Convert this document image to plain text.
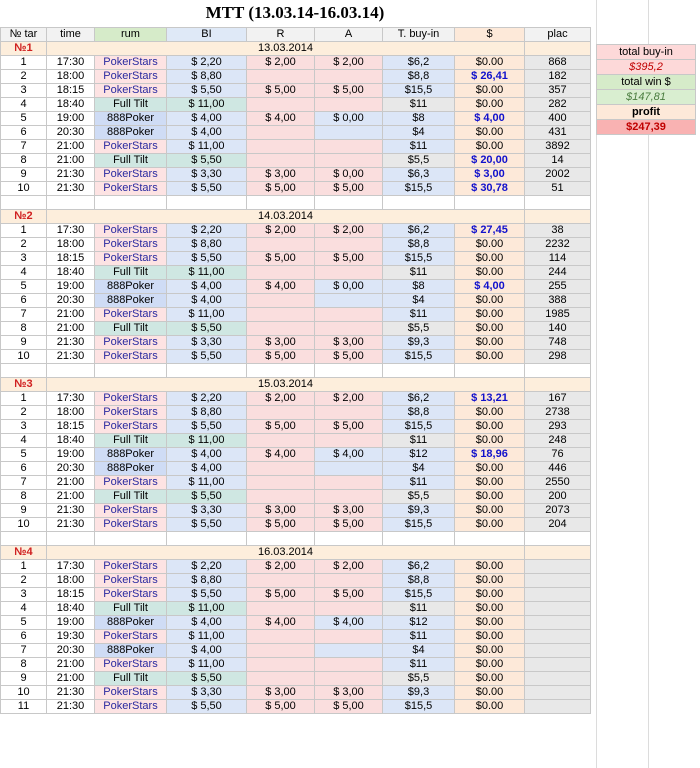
MTT (13.03.14-16.03.14)
№ tar	time	rum	BI	R	A	T. buy-in	$	plac
№1	13.03.2014							
1	17:30	PokerStars	$ 2,20	$ 2,00	$ 2,00	$6,2	$0.00	868
2	18:00	PokerStars	$ 8,80			$8,8	$ 26,41	182
3	18:15	PokerStars	$ 5,50	$ 5,00	$ 5,00	$15,5	$0.00	357
4	18:40	Full Tilt	$ 11,00			$11	$0.00	282
5	19:00	888Poker	$ 4,00	$ 4,00	$ 0,00	$8	$ 4,00	400
6	20:30	888Poker	$ 4,00			$4	$0.00	431
7	21:00	PokerStars	$ 11,00			$11	$0.00	3892
8	21:00	Full Tilt	$ 5,50			$5,5	$ 20,00	14
9	21:30	PokerStars	$ 3,30	$ 3,00	$ 0,00	$6,3	$ 3,00	2002
10	21:30	PokerStars	$ 5,50	$ 5,00	$ 5,00	$15,5	$ 30,78	51

№2	14.03.2014							
1	17:30	PokerStars	$ 2,20	$ 2,00	$ 2,00	$6,2	$ 27,45	38
2	18:00	PokerStars	$ 8,80			$8,8	$0.00	2232
3	18:15	PokerStars	$ 5,50	$ 5,00	$ 5,00	$15,5	$0.00	114
4	18:40	Full Tilt	$ 11,00			$11	$0.00	244
5	19:00	888Poker	$ 4,00	$ 4,00	$ 0,00	$8	$ 4,00	255
6	20:30	888Poker	$ 4,00			$4	$0.00	388
7	21:00	PokerStars	$ 11,00			$11	$0.00	1985
8	21:00	Full Tilt	$ 5,50			$5,5	$0.00	140
9	21:30	PokerStars	$ 3,30	$ 3,00	$ 3,00	$9,3	$0.00	748
10	21:30	PokerStars	$ 5,50	$ 5,00	$ 5,00	$15,5	$0.00	298

№3	15.03.2014							
1	17:30	PokerStars	$ 2,20	$ 2,00	$ 2,00	$6,2	$ 13,21	167
2	18:00	PokerStars	$ 8,80			$8,8	$0.00	2738
3	18:15	PokerStars	$ 5,50	$ 5,00	$ 5,00	$15,5	$0.00	293
4	18:40	Full Tilt	$ 11,00			$11	$0.00	248
5	19:00	888Poker	$ 4,00	$ 4,00	$ 4,00	$12	$ 18,96	76
6	20:30	888Poker	$ 4,00			$4	$0.00	446
7	21:00	PokerStars	$ 11,00			$11	$0.00	2550
8	21:00	Full Tilt	$ 5,50			$5,5	$0.00	200
9	21:30	PokerStars	$ 3,30	$ 3,00	$ 3,00	$9,3	$0.00	2073
10	21:30	PokerStars	$ 5,50	$ 5,00	$ 5,00	$15,5	$0.00	204

№4	16.03.2014							
1	17:30	PokerStars	$ 2,20	$ 2,00	$ 2,00	$6,2	$0.00	
2	18:00	PokerStars	$ 8,80			$8,8	$0.00	
3	18:15	PokerStars	$ 5,50	$ 5,00	$ 5,00	$15,5	$0.00	
4	18:40	Full Tilt	$ 11,00			$11	$0.00	
5	19:00	888Poker	$ 4,00	$ 4,00	$ 4,00	$12	$0.00	
6	19:30	PokerStars	$ 11,00			$11	$0.00	
7	20:30	888Poker	$ 4,00			$4	$0.00	
8	21:00	PokerStars	$ 11,00			$11	$0.00	
9	21:00	Full Tilt	$ 5,50			$5,5	$0.00	
10	21:30	PokerStars	$ 3,30	$ 3,00	$ 3,00	$9,3	$0.00	
11	21:30	PokerStars	$ 5,50	$ 5,00	$ 5,00	$15,5	$0.00	
total buy-in
$395,2
total win $
$147,81
profit
$247,39
